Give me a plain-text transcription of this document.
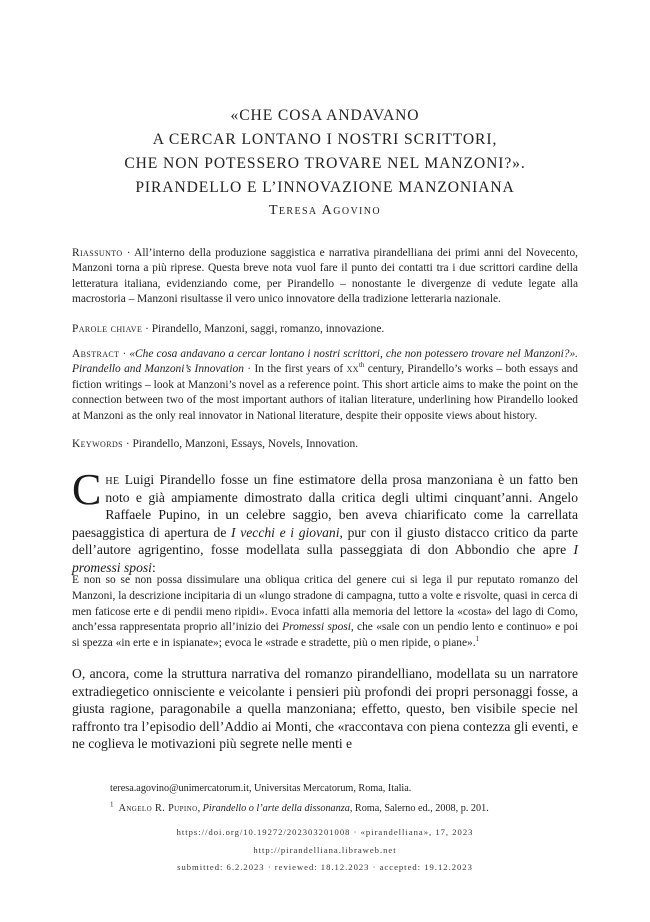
«CHE COSA ANDAVANO
A CERCAR LONTANO I NOSTRI SCRITTORI,
CHE NON POTESSERO TROVARE NEL MANZONI?».
PIRANDELLO E L’INNOVAZIONE MANZONIANA
Teresa Agovino
Riassunto · All’interno della produzione saggistica e narrativa pirandelliana dei primi anni del Novecento, Manzoni torna a più riprese. Questa breve nota vuol fare il punto dei contatti tra i due scrittori cardine della letteratura italiana, evidenziando come, per Pirandello – nonostante le divergenze di vedute legate alla macrostoria – Manzoni risultasse il vero unico innovatore della tradizione letteraria nazionale.
Parole chiave · Pirandello, Manzoni, saggi, romanzo, innovazione.
Abstract · «Che cosa andavano a cercar lontano i nostri scrittori, che non potessero trovare nel Manzoni?». Pirandello and Manzoni’s Innovation · In the first years of $xx^{th}$ century, Pirandello’s works – both essays and fiction writings – look at Manzoni’s novel as a reference point. This short article aims to make the point on the connection between two of the most important authors of italian literature, underlining how Pirandello looked at Manzoni as the only real innovator in National literature, despite their opposite views about history.
Keywords · Pirandello, Manzoni, Essays, Novels, Innovation.
Che Luigi Pirandello fosse un fine estimatore della prosa manzoniana è un fatto ben noto e già ampiamente dimostrato dalla critica degli ultimi cinquant’anni. Angelo Raffaele Pupino, in un celebre saggio, ben aveva chiarificato come la carrellata paesaggistica di apertura de I vecchi e i giovani, pur con il giusto distacco critico da parte dell’autore agrigentino, fosse modellata sulla passeggiata di don Abbondio che apre I promessi sposi:
E non so se non possa dissimulare una obliqua critica del genere cui si lega il pur reputato romanzo del Manzoni, la descrizione incipitaria di un «lungo stradone di campagna, tutto a volte e risvolte, quasi in cerca di men faticose erte e di pendii meno ripidi». Evoca infatti alla memoria del lettore la «costa» del lago di Como, anch’essa rappresentata proprio all’inizio dei Promessi sposi, che «sale con un pendio lento e continuo» e poi si spezza «in erte e in ispianate»; evoca le «strade e stradette, più o men ripide, o piane».$^1$
O, ancora, come la struttura narrativa del romanzo pirandelliano, modellata su un narratore extradiegetico onnisciente e veicolante i pensieri più profondi dei propri personaggi fosse, a giusta ragione, paragonabile a quella manzoniana; effetto, questo, ben visibile specie nel raffronto tra l’episodio dell’Addio ai Monti, che «raccontava con piena contezza gli eventi, e ne coglieva le motivazioni più segrete nelle menti e
teresa.agovino@unimercatorum.it, Universitas Mercatorum, Roma, Italia.
$^1$ Angelo R. Pupino, Pirandello o l’arte della dissonanza, Roma, Salerno ed., 2008, p. 201.
https://doi.org/10.19272/202303201008 · «pirandelliana», 17, 2023
http://pirandelliana.libraweb.net
submitted: 6.2.2023 · reviewed: 18.12.2023 · accepted: 19.12.2023
